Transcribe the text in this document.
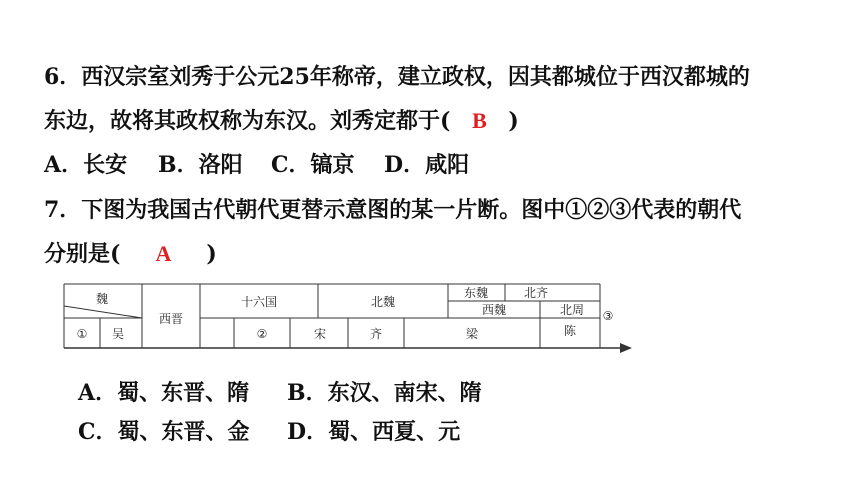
6．西汉宗室刘秀于公元25年称帝，建立政权，因其都城位于西汉都城的
东边，故将其政权称为东汉。刘秀定都于( B )
A．长安 B．洛阳 C．镐京 D．咸阳
7．下图为我国古代朝代更替示意图的某一片断。图中①②③代表的朝代
分别是( A )
魏
① 吴
西晋
十六国	北魏
东魏	北齐
西魏	北周
②	宋	齐	梁	陈
③
A．蜀、东晋、隋 B．东汉、南宋、隋
C．蜀、东晋、金 D．蜀、西夏、元
